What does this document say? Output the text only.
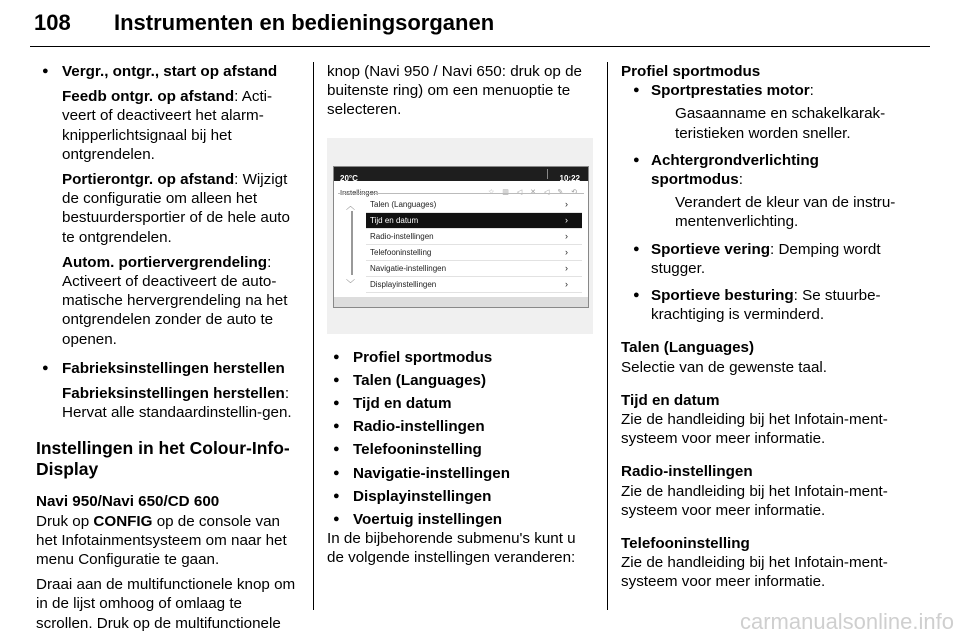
108 Instrumenten en bedieningsorganen

● Vergr., ontgr., start op afstand

Feedb ontgr. op afstand: Acti-veert of deactiveert het alarm-knipperlichtsignaal bij het ontgrendelen.

Portierontgr. op afstand: Wijzigt de configuratie om alleen het bestuurdersportier of de hele auto te ontgrendelen.

Autom. portiervergrendeling: Activeert of deactiveert de auto-matische hervergrendeling na het ontgrendelen zonder de auto te openen.

● Fabrieksinstellingen herstellen

Fabrieksinstellingen herstellen: Hervat alle standaardinstellin-gen.

Instellingen in het Colour-Info-Display

Navi 950/Navi 650/CD 600

Druk op CONFIG op de console van het Infotainmentsysteem om naar het menu Configuratie te gaan.

Draai aan de multifunctionele knop om in de lijst omhoog of omlaag te scrollen. Druk op de multifunctionele

knop (Navi 950 / Navi 650: druk op de buitenste ring) om een menuoptie te selecteren.

20°C	10:22
︿
﹀
Talen (Languages)	›
Tijd en datum	›
Radio-instellingen	›
Telefooninstelling	›
Navigatie-instellingen	›
Displayinstellingen	›

● Profiel sportmodus

● Talen (Languages)

● Tijd en datum

● Radio-instellingen

● Telefooninstelling

● Navigatie-instellingen

● Displayinstellingen

● Voertuig instellingen

In de bijbehorende submenu's kunt u de volgende instellingen veranderen:

Profiel sportmodus

● Sportprestaties motor:

Gasaanname en schakelkarak-teristieken worden sneller.

● Achtergrondverlichting sportmodus:

Verandert de kleur van de instru-mentenverlichting.

● Sportieve vering: Demping wordt stugger.

● Sportieve besturing: Se stuurbe-krachtiging is verminderd.

Talen (Languages)

Selectie van de gewenste taal.

Tijd en datum

Zie de handleiding bij het Infotain-ment-systeem voor meer informatie.

Radio-instellingen

Zie de handleiding bij het Infotain-ment-systeem voor meer informatie.

Telefooninstelling

Zie de handleiding bij het Infotain-ment-systeem voor meer informatie.

carmanualsonline.info
